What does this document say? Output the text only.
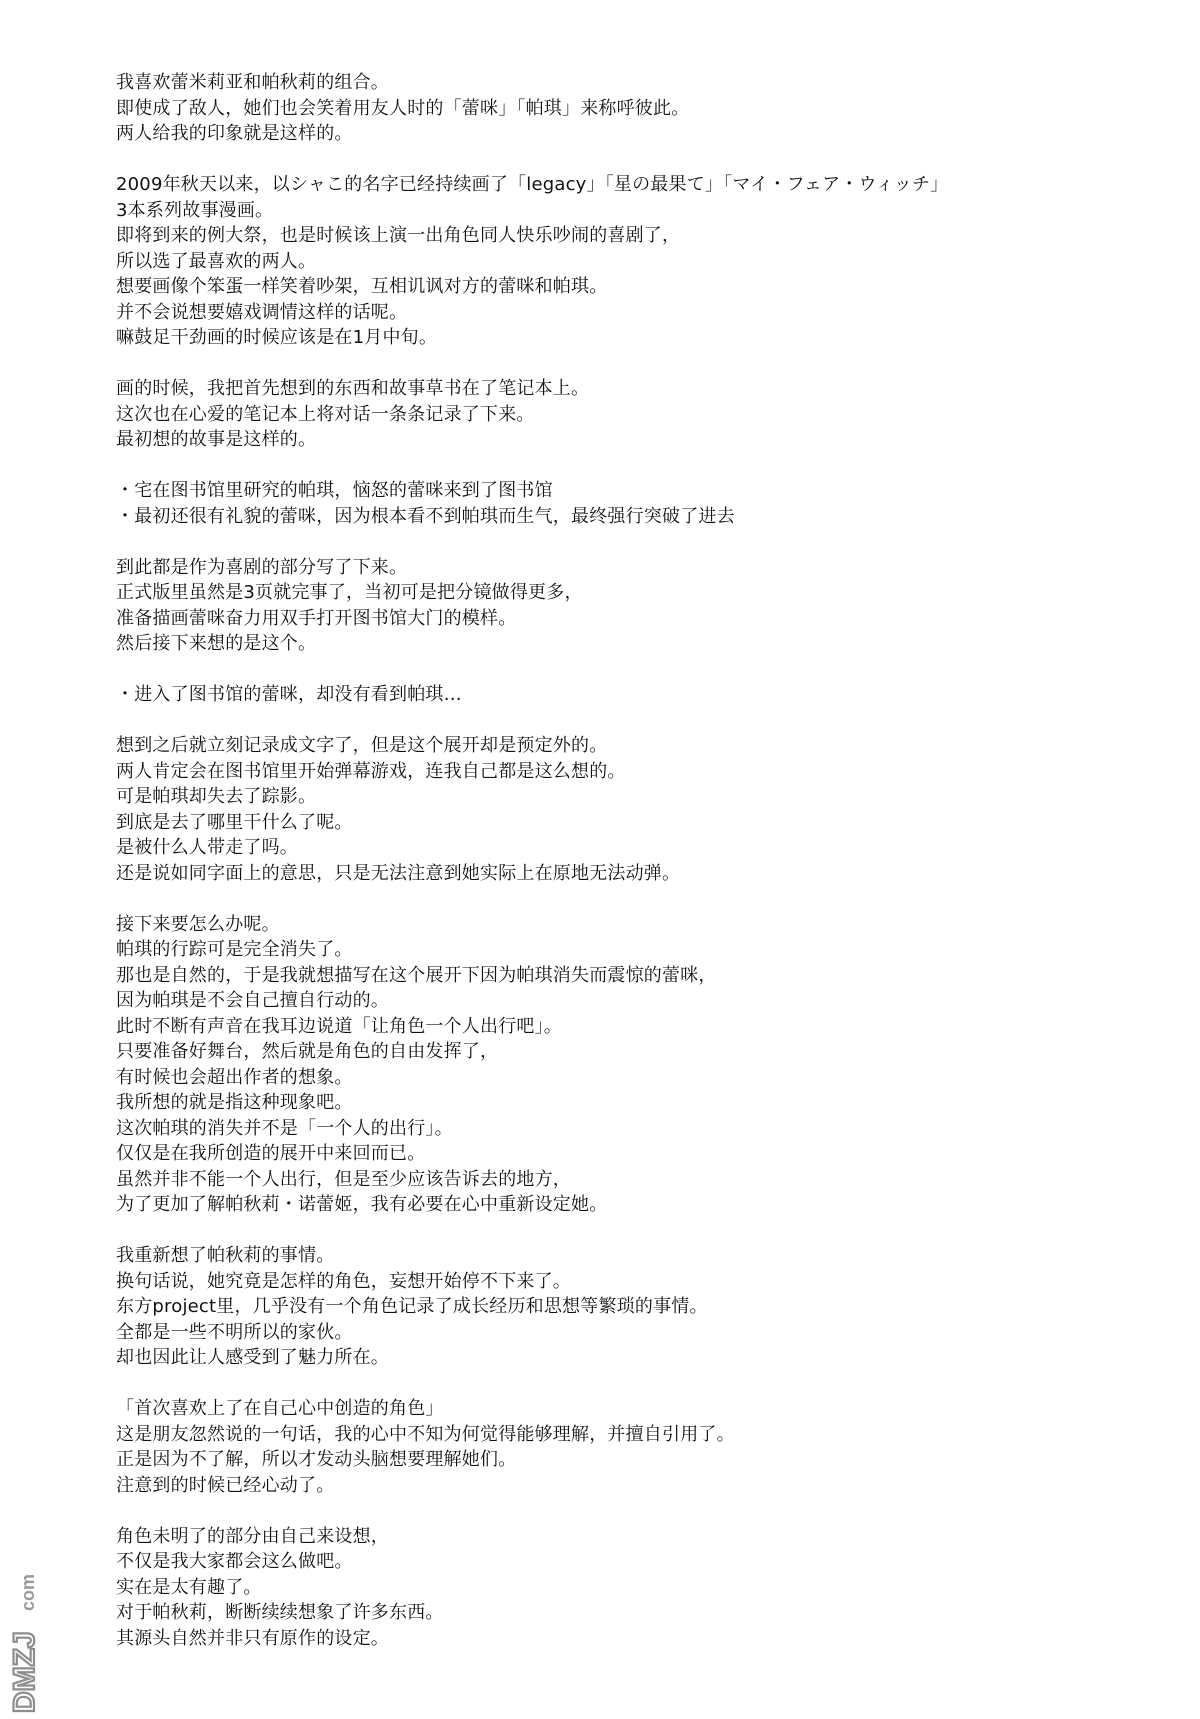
我喜欢蕾米莉亚和帕秋莉的组合。
即使成了敌人，她们也会笑着用友人时的「蕾咪」「帕琪」来称呼彼此。
两人给我的印象就是这样的。
2009年秋天以来，以シャこ的名字已经持续画了「legacy」「星の最果て」「マイ・フェア・ウィッチ」
3本系列故事漫画。
即将到来的例大祭，也是时候该上演一出角色同人快乐吵闹的喜剧了，
所以选了最喜欢的两人。
想要画像个笨蛋一样笑着吵架，互相讥讽对方的蕾咪和帕琪。
并不会说想要嬉戏调情这样的话呢。
嘛鼓足干劲画的时候应该是在1月中旬。
画的时候，我把首先想到的东西和故事草书在了笔记本上。
这次也在心爱的笔记本上将对话一条条记录了下来。
最初想的故事是这样的。
・宅在图书馆里研究的帕琪，恼怒的蕾咪来到了图书馆
・最初还很有礼貌的蕾咪，因为根本看不到帕琪而生气，最终强行突破了进去
到此都是作为喜剧的部分写了下来。
正式版里虽然是3页就完事了，当初可是把分镜做得更多，
准备描画蕾咪奋力用双手打开图书馆大门的模样。
然后接下来想的是这个。
・进入了图书馆的蕾咪，却没有看到帕琪…
想到之后就立刻记录成文字了，但是这个展开却是预定外的。
两人肯定会在图书馆里开始弹幕游戏，连我自己都是这么想的。
可是帕琪却失去了踪影。
到底是去了哪里干什么了呢。
是被什么人带走了吗。
还是说如同字面上的意思，只是无法注意到她实际上在原地无法动弹。
接下来要怎么办呢。
帕琪的行踪可是完全消失了。
那也是自然的，于是我就想描写在这个展开下因为帕琪消失而震惊的蕾咪，
因为帕琪是不会自己擅自行动的。
此时不断有声音在我耳边说道「让角色一个人出行吧」。
只要准备好舞台，然后就是角色的自由发挥了，
有时候也会超出作者的想象。
我所想的就是指这种现象吧。
这次帕琪的消失并不是「一个人的出行」。
仅仅是在我所创造的展开中来回而已。
虽然并非不能一个人出行，但是至少应该告诉去的地方，
为了更加了解帕秋莉・诺蕾姬，我有必要在心中重新设定她。
我重新想了帕秋莉的事情。
换句话说，她究竟是怎样的角色，妄想开始停不下来了。
东方project里，几乎没有一个角色记录了成长经历和思想等繁琐的事情。
全都是一些不明所以的家伙。
却也因此让人感受到了魅力所在。
「首次喜欢上了在自己心中创造的角色」
这是朋友忽然说的一句话，我的心中不知为何觉得能够理解，并擅自引用了。
正是因为不了解，所以才发动头脑想要理解她们。
注意到的时候已经心动了。
角色未明了的部分由自己来设想，
不仅是我大家都会这么做吧。
实在是太有趣了。
对于帕秋莉，断断续续想象了许多东西。
其源头自然并非只有原作的设定。
DMZJ
com
